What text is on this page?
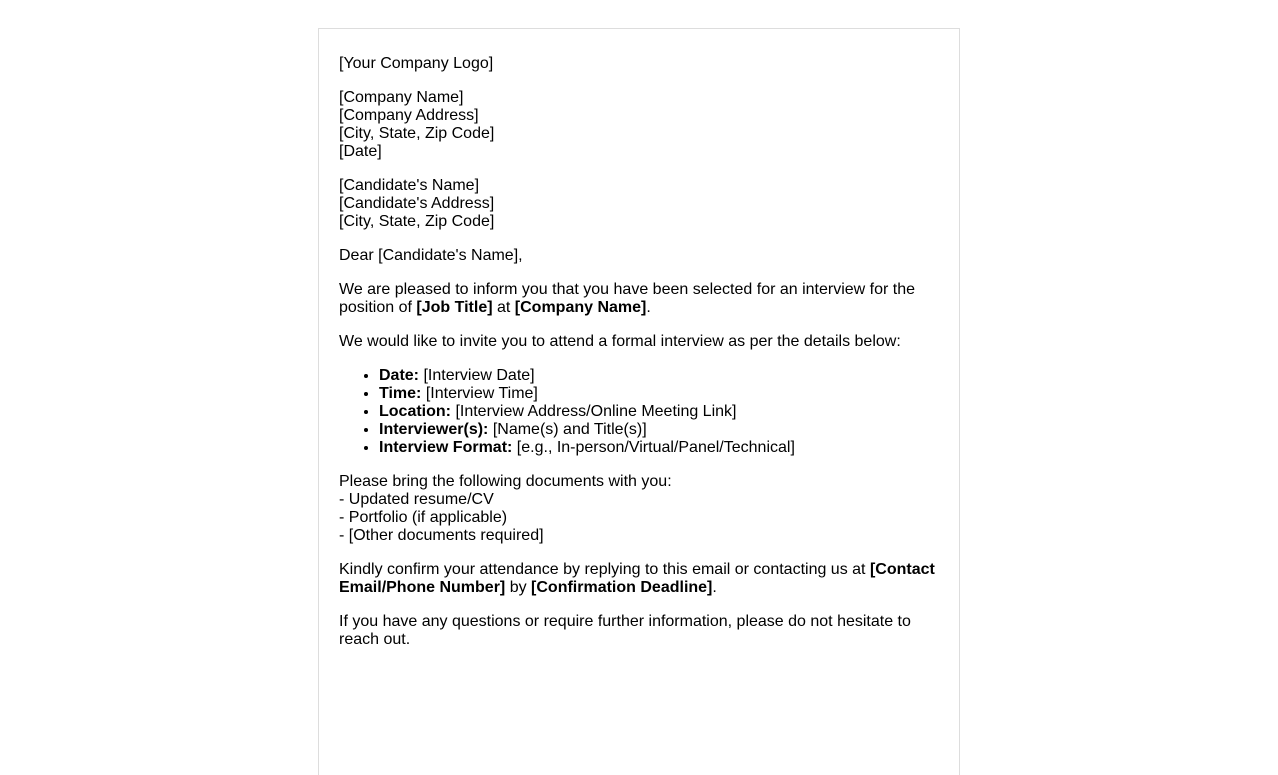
[Your Company Logo]
[Company Name]
[Company Address]
[City, State, Zip Code]
[Date]
[Candidate's Name]
[Candidate's Address]
[City, State, Zip Code]
Dear [Candidate's Name],
We are pleased to inform you that you have been selected for an interview for the position of [Job Title] at [Company Name].
We would like to invite you to attend a formal interview as per the details below:
• Date: [Interview Date]
• Time: [Interview Time]
• Location: [Interview Address/Online Meeting Link]
• Interviewer(s): [Name(s) and Title(s)]
• Interview Format: [e.g., In-person/Virtual/Panel/Technical]
Please bring the following documents with you:
- Updated resume/CV
- Portfolio (if applicable)
- [Other documents required]
Kindly confirm your attendance by replying to this email or contacting us at [Contact Email/Phone Number] by [Confirmation Deadline].
If you have any questions or require further information, please do not hesitate to reach out.
